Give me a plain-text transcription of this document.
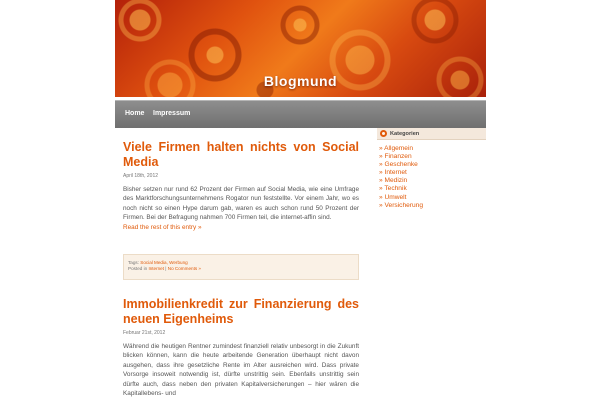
Blogmund
Home Impressum
Viele Firmen halten nichts von Social Media
April 18th, 2012
Bisher setzen nur rund 62 Prozent der Firmen auf Social Media, wie eine Umfrage des Marktforschungsunternehmens Rogator nun feststellte. Vor einem Jahr, wo es noch nicht so einen Hype darum gab, waren es auch schon rund 50 Prozent der Firmen. Bei der Befragung nahmen 700 Firmen teil, die internet-affin sind.
Read the rest of this entry »
Tags: Social Media, Werbung
Posted in Internet | No Comments »
Immobilienkredit zur Finanzierung des neuen Eigenheims
Februar 21st, 2012
Während die heutigen Rentner zumindest finanziell relativ unbesorgt in die Zukunft blicken können, kann die heute arbeitende Generation überhaupt nicht davon ausgehen, dass ihre gesetzliche Rente im Alter ausreichen wird. Dass private Vorsorge insoweit notwendig ist, dürfte unstrittig sein. Ebenfalls unstrittig sein dürfte auch, dass neben den privaten Kapitalversicherungen – hier wären die Kapitallebens- und
Kategorien
» Allgemein
» Finanzen
» Geschenke
» Internet
» Medizin
» Technik
» Umwelt
» Versicherung
